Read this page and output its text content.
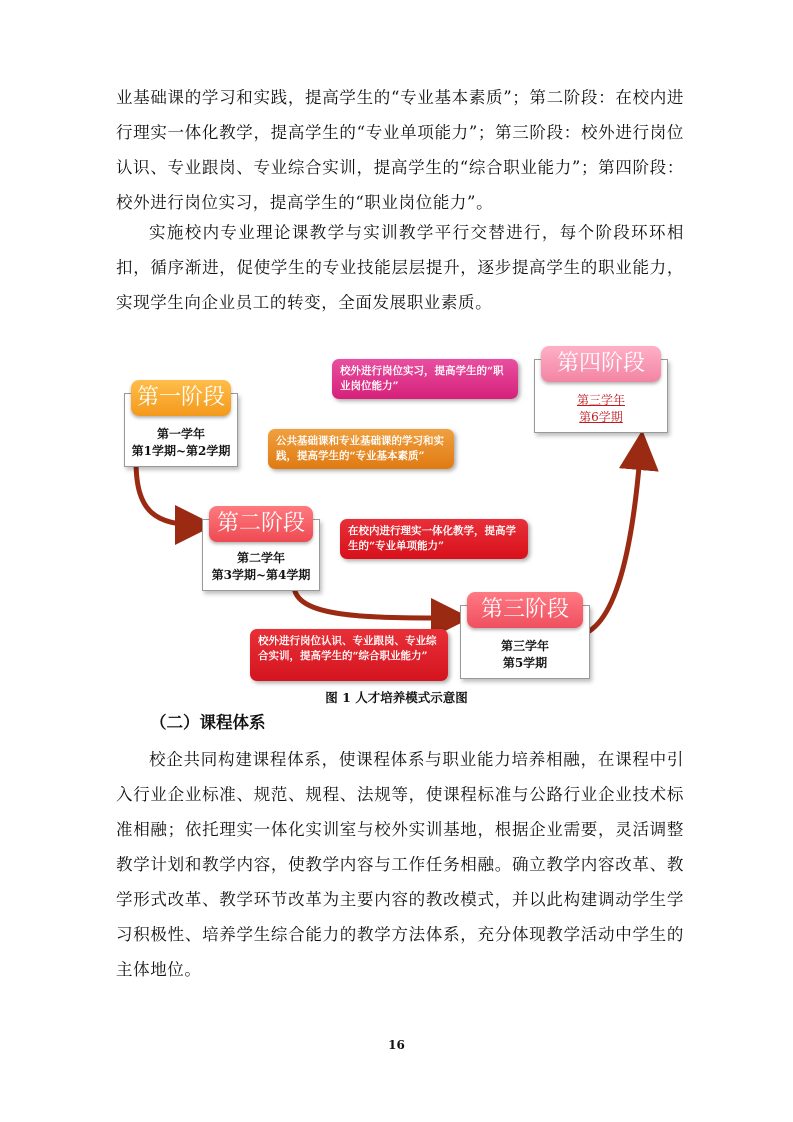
业基础课的学习和实践，提高学生的“专业基本素质”；第二阶段：在校内进行理实一体化教学，提高学生的“专业单项能力”；第三阶段：校外进行岗位认识、专业跟岗、专业综合实训，提高学生的“综合职业能力”；第四阶段：校外进行岗位实习，提高学生的“职业岗位能力”。

实施校内专业理论课教学与实训教学平行交替进行，每个阶段环环相扣，循序渐进，促使学生的专业技能层层提升，逐步提高学生的职业能力，实现学生向企业员工的转变，全面发展职业素质。

第一阶段
第一学年
第1学期~第2学期
公共基础课和专业基础课的学习和实践，提高学生的“专业基本素质”
第二阶段
第二学年
第3学期~第4学期
在校内进行理实一体化教学，提高学生的“专业单项能力”
第三阶段
第三学年
第5学期
校外进行岗位认识、专业跟岗、专业综合实训，提高学生的“综合职业能力”
第四阶段
第三学年
第6学期
校外进行岗位实习，提高学生的“职业岗位能力”
图 1 人才培养模式示意图
（二）课程体系

校企共同构建课程体系，使课程体系与职业能力培养相融，在课程中引入行业企业标准、规范、规程、法规等，使课程标准与公路行业企业技术标准相融；依托理实一体化实训室与校外实训基地，根据企业需要，灵活调整教学计划和教学内容，使教学内容与工作任务相融。确立教学内容改革、教学形式改革、教学环节改革为主要内容的教改模式，并以此构建调动学生学习积极性、培养学生综合能力的教学方法体系，充分体现教学活动中学生的主体地位。

16
